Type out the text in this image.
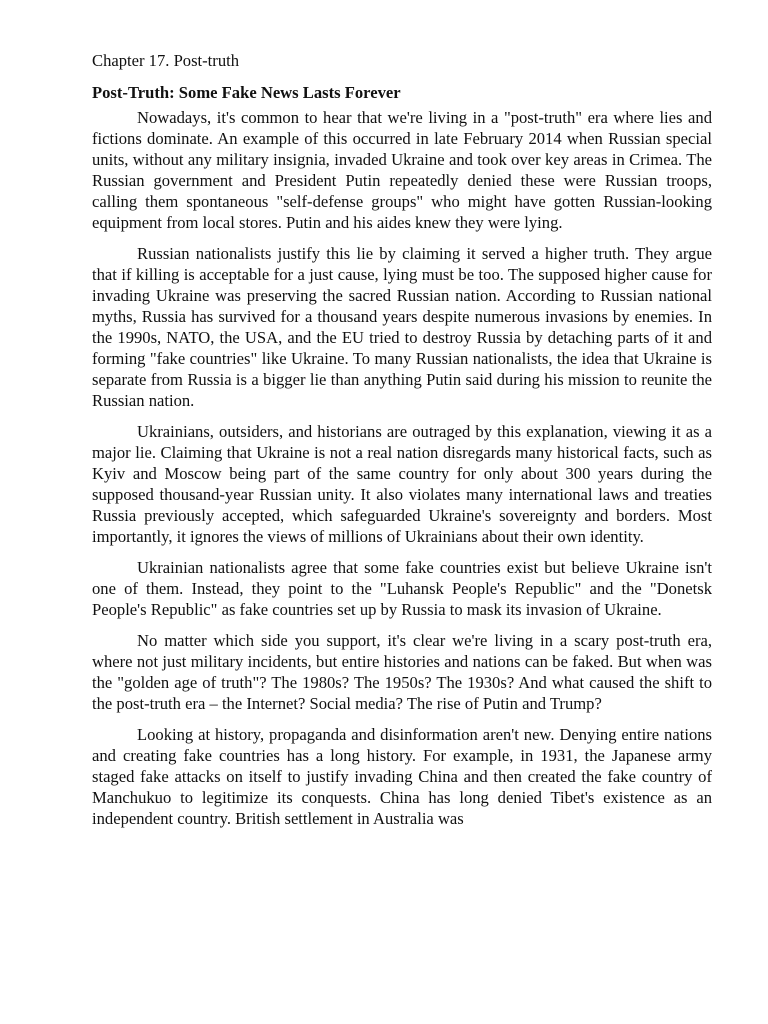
Chapter 17. Post-truth
Post-Truth: Some Fake News Lasts Forever

Nowadays, it's common to hear that we're living in a "post-truth" era where lies and fictions dominate. An example of this occurred in late February 2014 when Russian special units, without any military insignia, invaded Ukraine and took over key areas in Crimea. The Russian government and President Putin repeatedly denied these were Russian troops, calling them spontaneous "self-defense groups" who might have gotten Russian-looking equipment from local stores. Putin and his aides knew they were lying.

Russian nationalists justify this lie by claiming it served a higher truth. They argue that if killing is acceptable for a just cause, lying must be too. The supposed higher cause for invading Ukraine was preserving the sacred Russian nation. According to Russian national myths, Russia has survived for a thousand years despite numerous invasions by enemies. In the 1990s, NATO, the USA, and the EU tried to destroy Russia by detaching parts of it and forming "fake countries" like Ukraine. To many Russian nationalists, the idea that Ukraine is separate from Russia is a bigger lie than anything Putin said during his mission to reunite the Russian nation.

Ukrainians, outsiders, and historians are outraged by this explanation, viewing it as a major lie. Claiming that Ukraine is not a real nation disregards many historical facts, such as Kyiv and Moscow being part of the same country for only about 300 years during the supposed thousand-year Russian unity. It also violates many international laws and treaties Russia previously accepted, which safeguarded Ukraine's sovereignty and borders. Most importantly, it ignores the views of millions of Ukrainians about their own identity.

Ukrainian nationalists agree that some fake countries exist but believe Ukraine isn't one of them. Instead, they point to the "Luhansk People's Republic" and the "Donetsk People's Republic" as fake countries set up by Russia to mask its invasion of Ukraine.

No matter which side you support, it's clear we're living in a scary post-truth era, where not just military incidents, but entire histories and nations can be faked. But when was the "golden age of truth"? The 1980s? The 1950s? The 1930s? And what caused the shift to the post-truth era – the Internet? Social media? The rise of Putin and Trump?

Looking at history, propaganda and disinformation aren't new. Denying entire nations and creating fake countries has a long history. For example, in 1931, the Japanese army staged fake attacks on itself to justify invading China and then created the fake country of Manchukuo to legitimize its conquests. China has long denied Tibet's existence as an independent country. British settlement in Australia was
